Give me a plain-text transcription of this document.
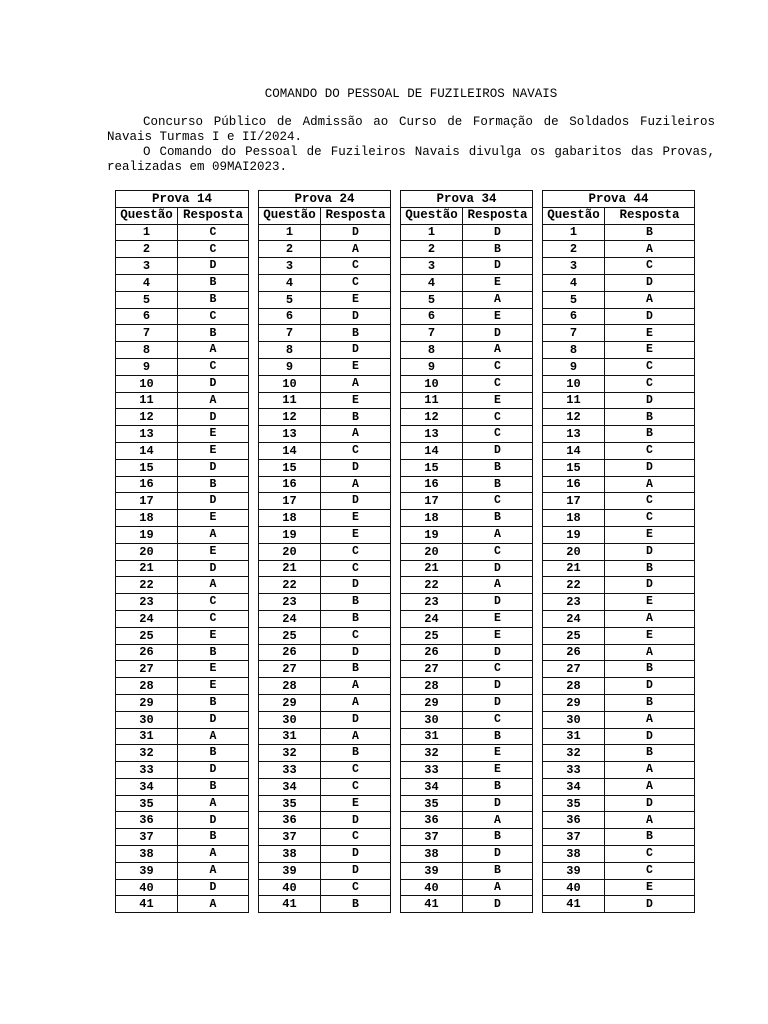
COMANDO DO PESSOAL DE FUZILEIROS NAVAIS

Concurso Público de Admissão ao Curso de Formação de Soldados Fuzileiros Navais Turmas I e II/2024.

O Comando do Pessoal de Fuzileiros Navais divulga os gabaritos das Provas, realizadas em 09MAI2023.

Prova 14	
Questão	Resposta
1	C
2	C
3	D
4	B
5	B
6	C
7	B
8	A
9	C
10	D
11	A
12	D
13	E
14	E
15	D
16	B
17	D
18	E
19	A
20	E
21	D
22	A
23	C
24	C
25	E
26	B
27	E
28	E
29	B
30	D
31	A
32	B
33	D
34	B
35	A
36	D
37	B
38	A
39	A
40	D
41	A
Prova 24	
Questão	Resposta
1	D
2	A
3	C
4	C
5	E
6	D
7	B
8	D
9	E
10	A
11	E
12	B
13	A
14	C
15	D
16	A
17	D
18	E
19	E
20	C
21	C
22	D
23	B
24	B
25	C
26	D
27	B
28	A
29	A
30	D
31	A
32	B
33	C
34	C
35	E
36	D
37	C
38	D
39	D
40	C
41	B
Prova 34	
Questão	Resposta
1	D
2	B
3	D
4	E
5	A
6	E
7	D
8	A
9	C
10	C
11	E
12	C
13	C
14	D
15	B
16	B
17	C
18	B
19	A
20	C
21	D
22	A
23	D
24	E
25	E
26	D
27	C
28	D
29	D
30	C
31	B
32	E
33	E
34	B
35	D
36	A
37	B
38	D
39	B
40	A
41	D
Prova 44	
Questão	Resposta
1	B
2	A
3	C
4	D
5	A
6	D
7	E
8	E
9	C
10	C
11	D
12	B
13	B
14	C
15	D
16	A
17	C
18	C
19	E
20	D
21	B
22	D
23	E
24	A
25	E
26	A
27	B
28	D
29	B
30	A
31	D
32	B
33	A
34	A
35	D
36	A
37	B
38	C
39	C
40	E
41	D
